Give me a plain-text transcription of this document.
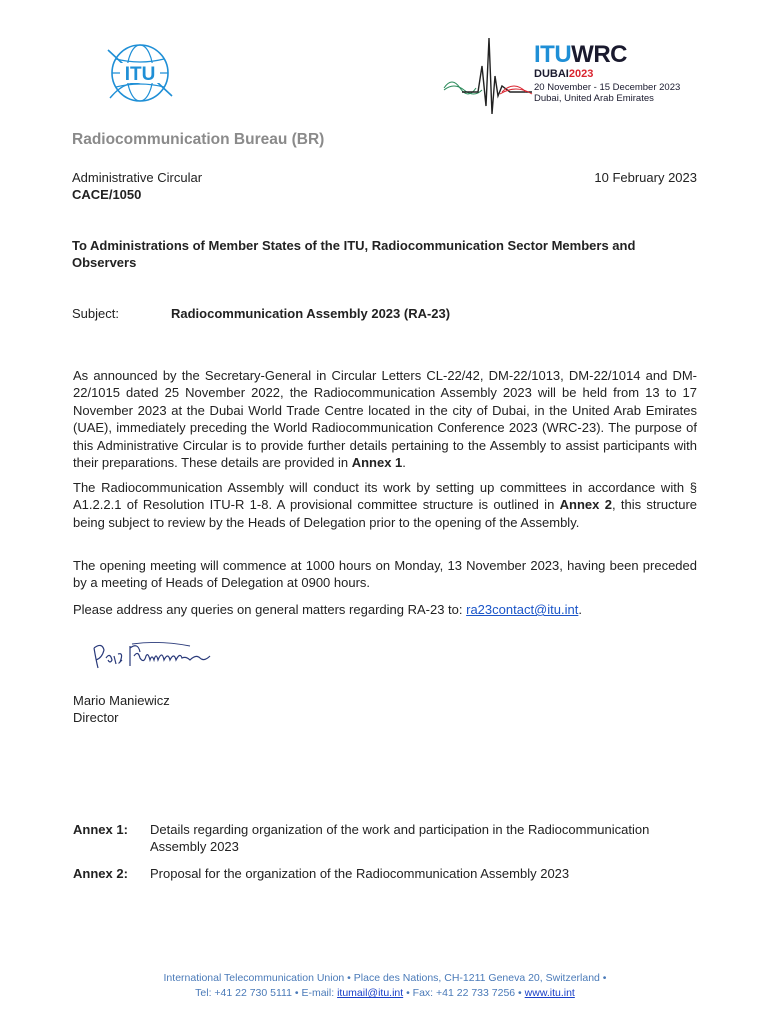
ITU
ITUWRC
DUBAI2023
20 November - 15 December 2023
Dubai, United Arab Emirates
Radiocommunication Bureau (BR)
Administrative Circular
CACE/1050
10 February 2023
To Administrations of Member States of the ITU, Radiocommunication Sector Members and Observers
Subject:	Radiocommunication Assembly 2023 (RA-23)

As announced by the Secretary-General in Circular Letters CL-22/42, DM-22/1013, DM-22/1014 and DM-22/1015 dated 25 November 2022, the Radiocommunication Assembly 2023 will be held from 13 to 17 November 2023 at the Dubai World Trade Centre located in the city of Dubai, in the United Arab Emirates (UAE), immediately preceding the World Radiocommunication Conference 2023 (WRC-23). The purpose of this Administrative Circular is to provide further details pertaining to the Assembly to assist participants with their preparations. These details are provided in Annex 1.

The Radiocommunication Assembly will conduct its work by setting up committees in accordance with § A1.2.2.1 of Resolution ITU-R 1-8. A provisional committee structure is outlined in Annex 2, this structure being subject to review by the Heads of Delegation prior to the opening of the Assembly.

The opening meeting will commence at 1000 hours on Monday, 13 November 2023, having been preceded by a meeting of Heads of Delegation at 0900 hours.

Please address any queries on general matters regarding RA-23 to: ra23contact@itu.int.

Mario Maniewicz
Director
Annex 1: Details regarding organization of the work and participation in the Radiocommunication Assembly 2023
Annex 2: Proposal for the organization of the Radiocommunication Assembly 2023
International Telecommunication Union • Place des Nations, CH-1211 Geneva 20, Switzerland •
Tel: +41 22 730 5111 • E-mail: itumail@itu.int • Fax: +41 22 733 7256 • www.itu.int
